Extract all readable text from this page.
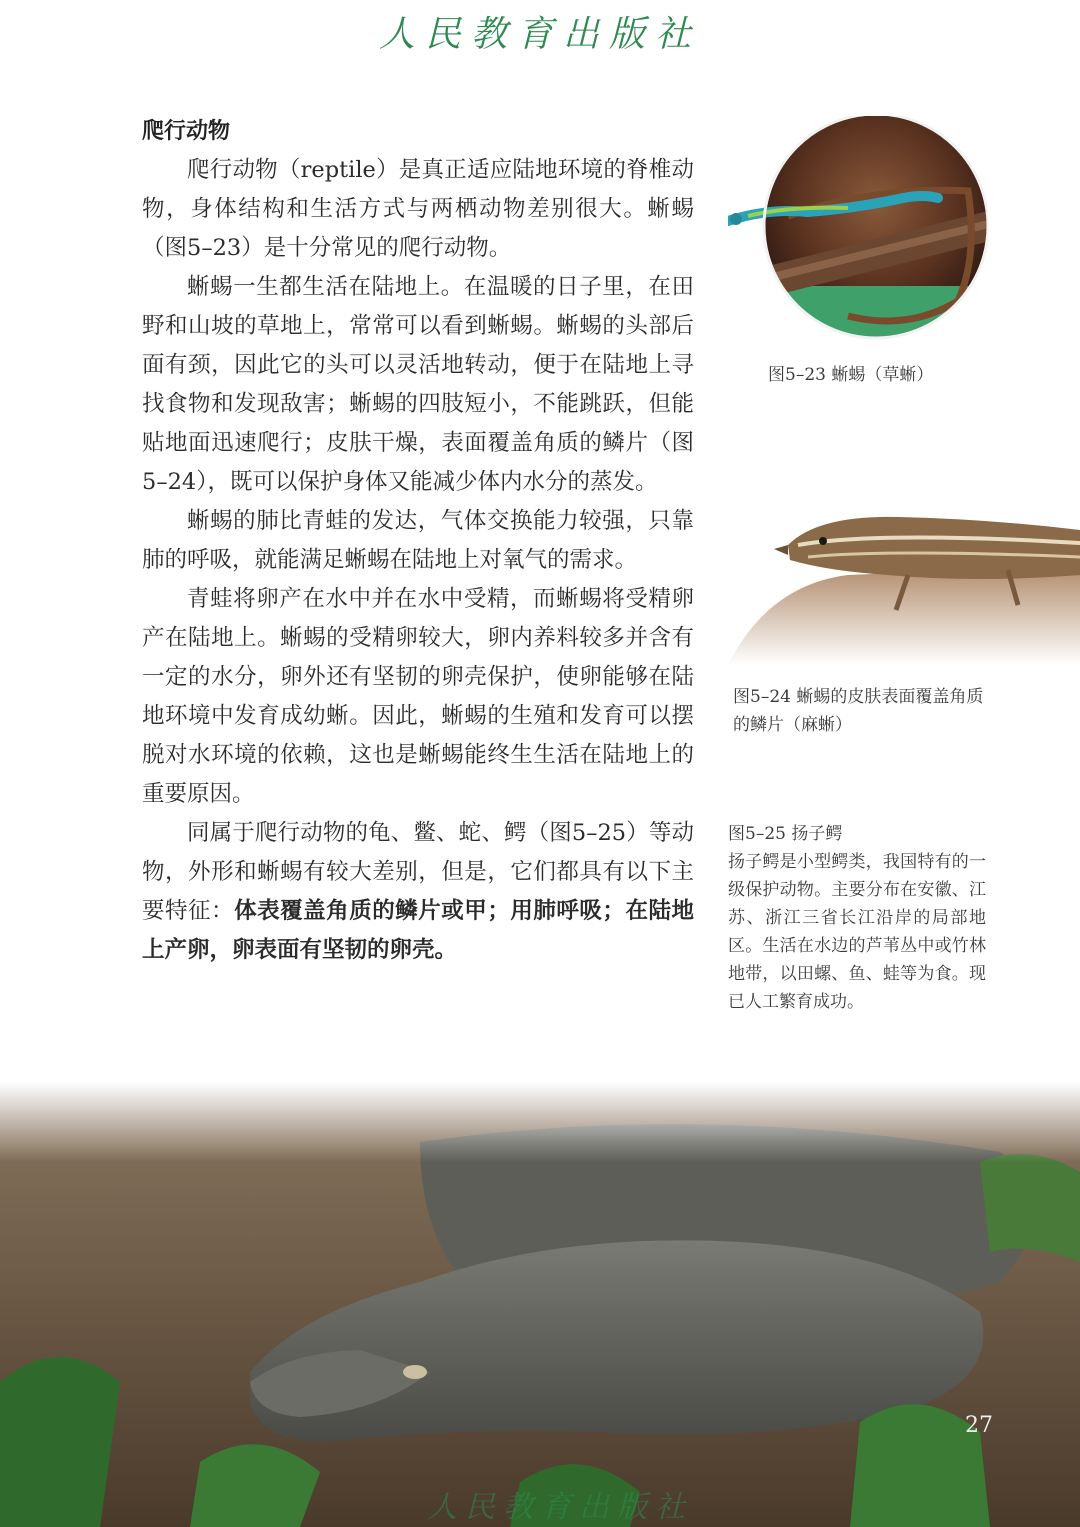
人民教育出版社
爬行动物

爬行动物（reptile）是真正适应陆地环境的脊椎动物，身体结构和生活方式与两栖动物差别很大。蜥蜴（图5–23）是十分常见的爬行动物。

蜥蜴一生都生活在陆地上。在温暖的日子里，在田野和山坡的草地上，常常可以看到蜥蜴。蜥蜴的头部后面有颈，因此它的头可以灵活地转动，便于在陆地上寻找食物和发现敌害；蜥蜴的四肢短小，不能跳跃，但能贴地面迅速爬行；皮肤干燥，表面覆盖角质的鳞片（图5–24），既可以保护身体又能减少体内水分的蒸发。

蜥蜴的肺比青蛙的发达，气体交换能力较强，只靠肺的呼吸，就能满足蜥蜴在陆地上对氧气的需求。

青蛙将卵产在水中并在水中受精，而蜥蜴将受精卵产在陆地上。蜥蜴的受精卵较大，卵内养料较多并含有一定的水分，卵外还有坚韧的卵壳保护，使卵能够在陆地环境中发育成幼蜥。因此，蜥蜴的生殖和发育可以摆脱对水环境的依赖，这也是蜥蜴能终生生活在陆地上的重要原因。

同属于爬行动物的龟、鳖、蛇、鳄（图5–25）等动物，外形和蜥蜴有较大差别，但是，它们都具有以下主要特征：体表覆盖角质的鳞片或甲；用肺呼吸；在陆地上产卵，卵表面有坚韧的卵壳。

图5–23 蜥蜴（草蜥）
图5–24 蜥蜴的皮肤表面覆盖角质的鳞片（麻蜥）
图5–25 扬子鳄
扬子鳄是小型鳄类，我国特有的一级保护动物。主要分布在安徽、江苏、浙江三省长江沿岸的局部地区。生活在水边的芦苇丛中或竹林地带，以田螺、鱼、蛙等为食。现已人工繁育成功。
27
人民教育出版社
